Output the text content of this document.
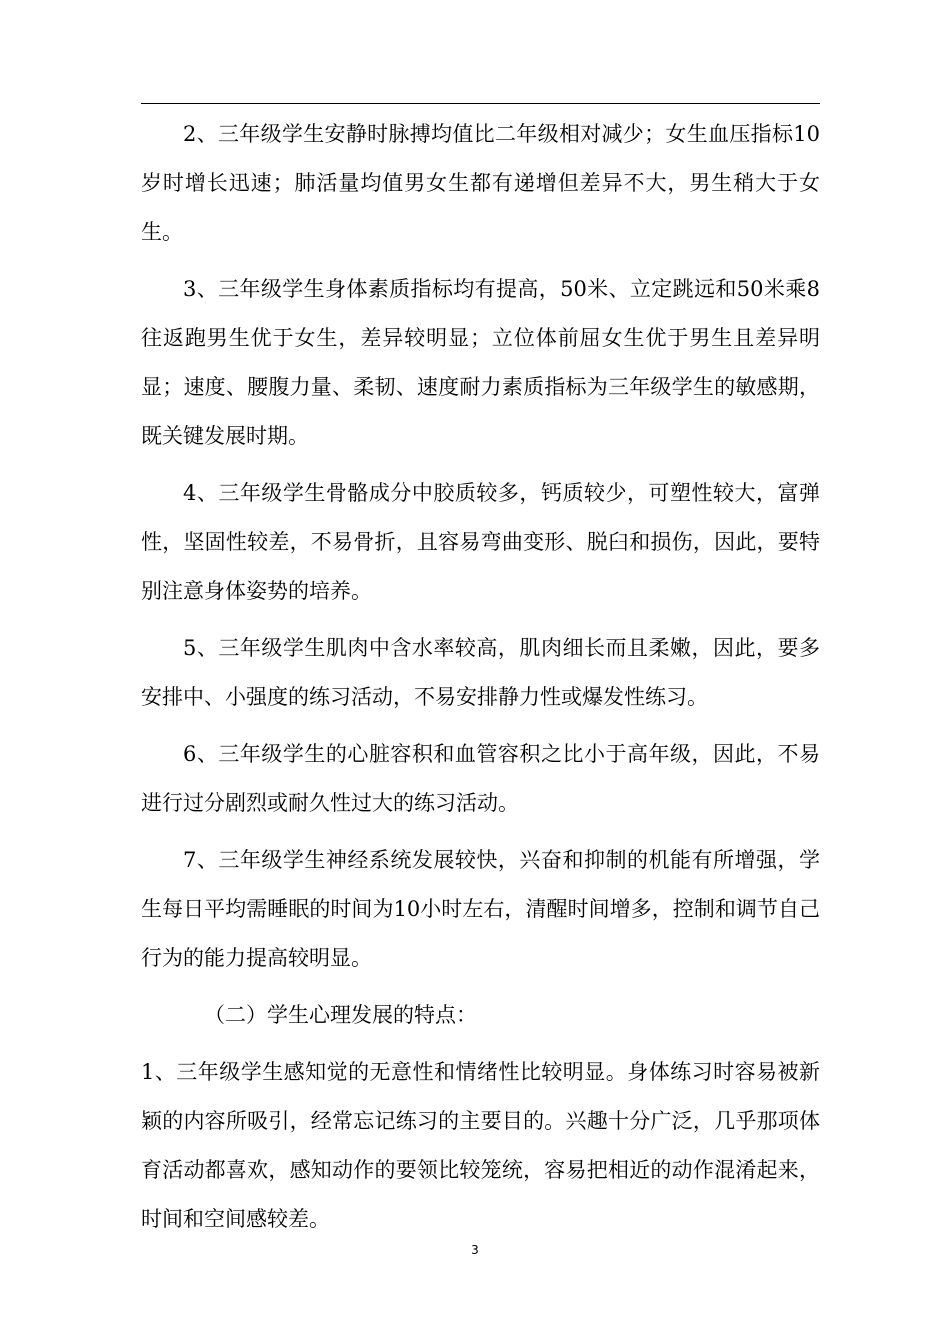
2、三年级学生安静时脉搏均值比二年级相对减少；女生血压指标10岁时增长迅速；肺活量均值男女生都有递增但差异不大，男生稍大于女生。

3、三年级学生身体素质指标均有提高，50米、立定跳远和50米乘8往返跑男生优于女生，差异较明显；立位体前屈女生优于男生且差异明显；速度、腰腹力量、柔韧、速度耐力素质指标为三年级学生的敏感期，既关键发展时期。

4、三年级学生骨骼成分中胶质较多，钙质较少，可塑性较大，富弹性，坚固性较差，不易骨折，且容易弯曲变形、脱臼和损伤，因此，要特别注意身体姿势的培养。

5、三年级学生肌肉中含水率较高，肌肉细长而且柔嫩，因此，要多安排中、小强度的练习活动，不易安排静力性或爆发性练习。

6、三年级学生的心脏容积和血管容积之比小于高年级，因此，不易进行过分剧烈或耐久性过大的练习活动。

7、三年级学生神经系统发展较快，兴奋和抑制的机能有所增强，学生每日平均需睡眠的时间为10小时左右，清醒时间增多，控制和调节自己行为的能力提高较明显。

（二）学生心理发展的特点：

1、三年级学生感知觉的无意性和情绪性比较明显。身体练习时容易被新颖的内容所吸引，经常忘记练习的主要目的。兴趣十分广泛，几乎那项体育活动都喜欢，感知动作的要领比较笼统，容易把相近的动作混淆起来，时间和空间感较差。

3
